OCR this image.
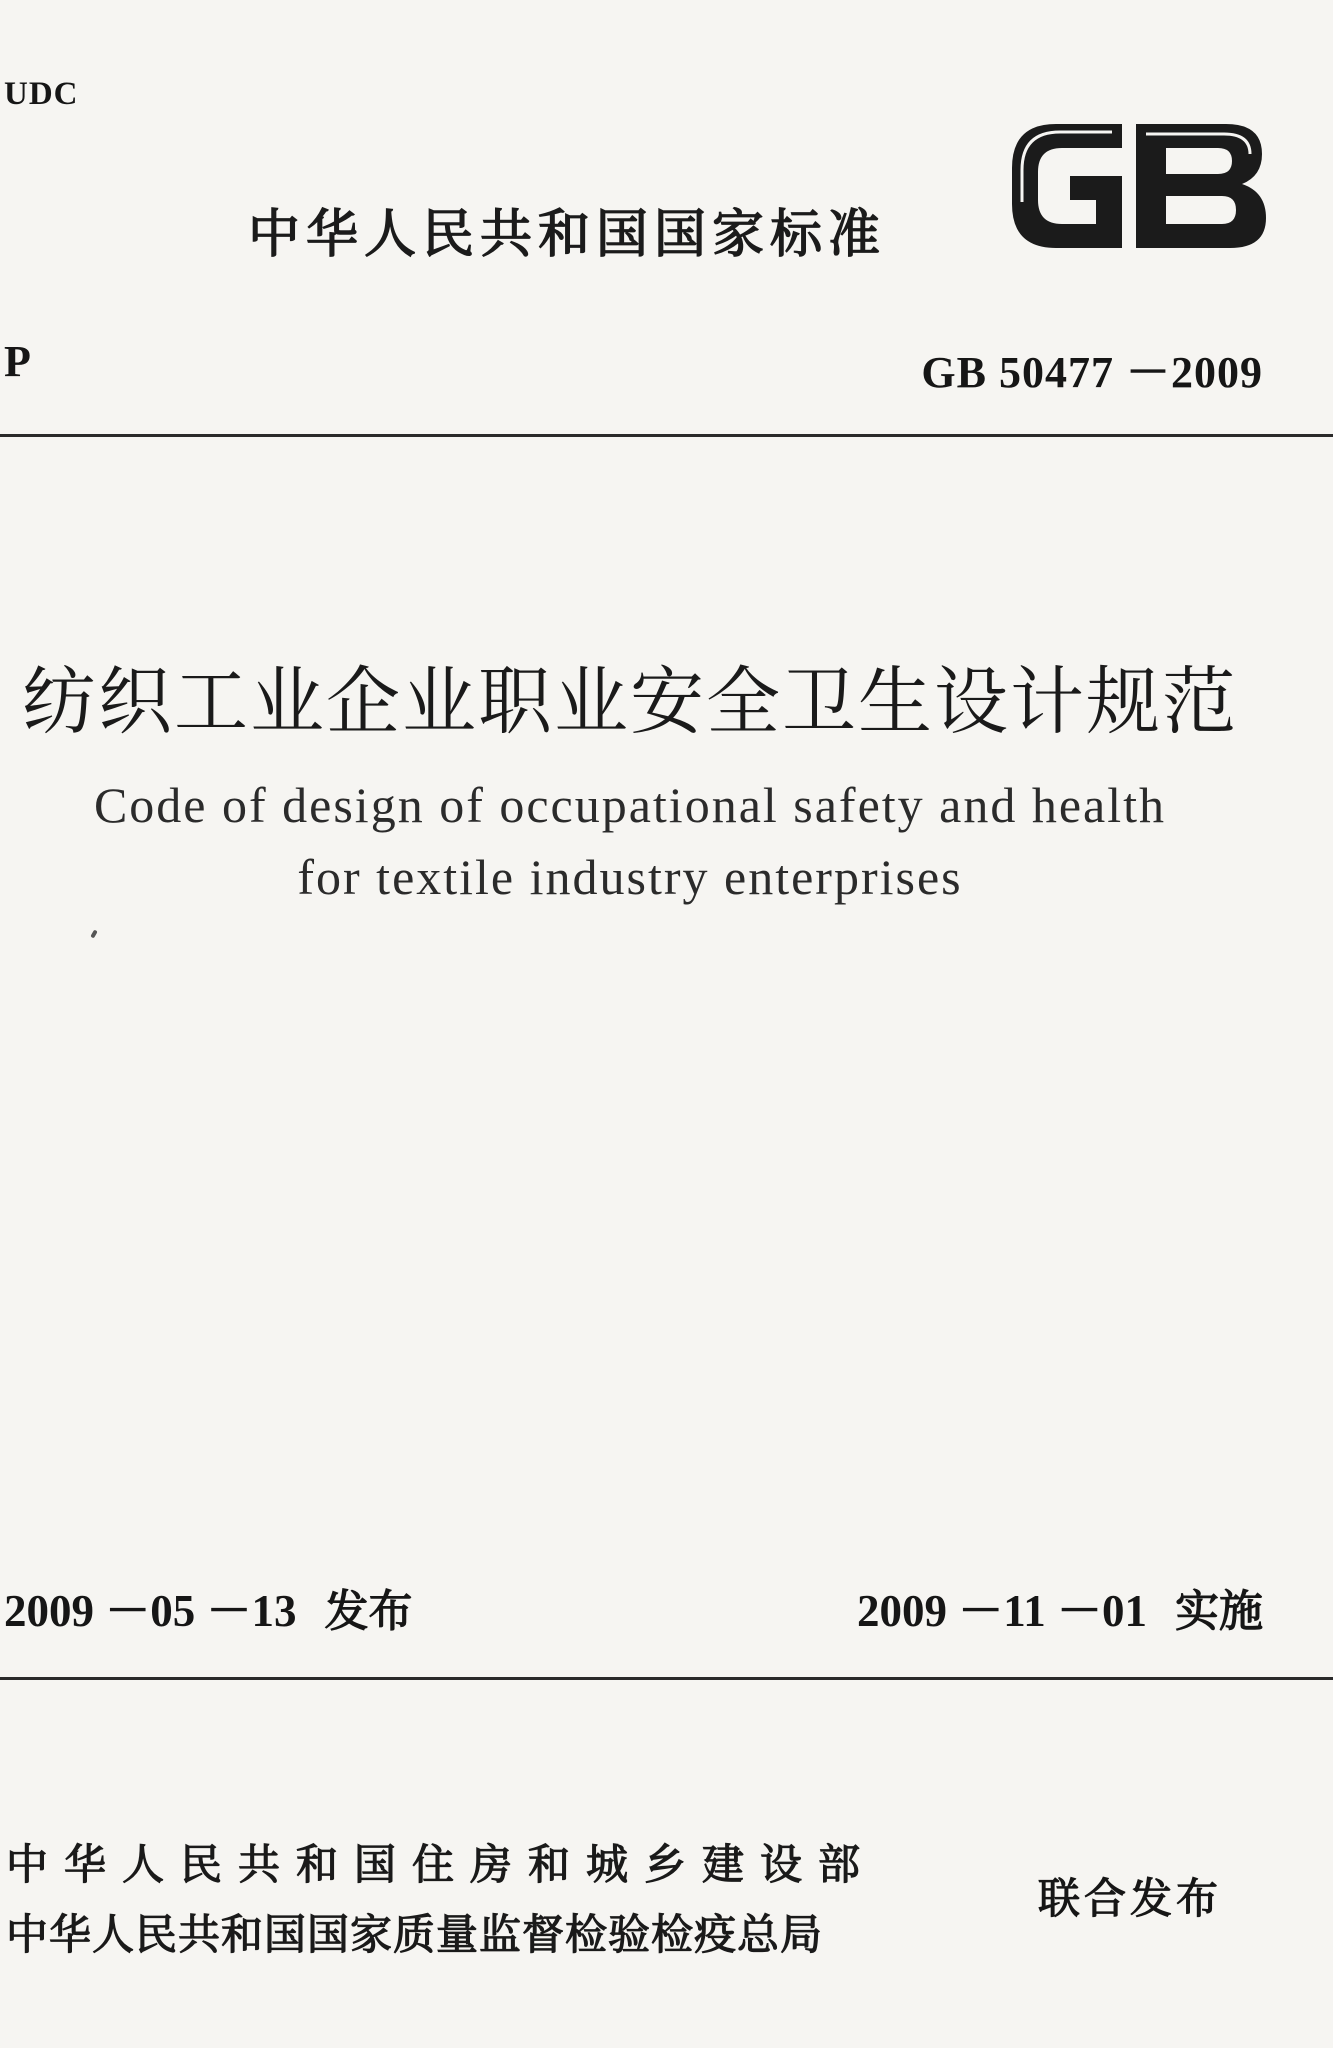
UDC
中华人民共和国国家标准
P	GB 50477 －2009
纺织工业企业职业安全卫生设计规范
Code of design of occupational safety and health
for textile industry enterprises
2009 －05 －13 发布	2009 －11 －01 实施
中华人民共和国住房和城乡建设部
中华人民共和国国家质量监督检验检疫总局
联合发布
